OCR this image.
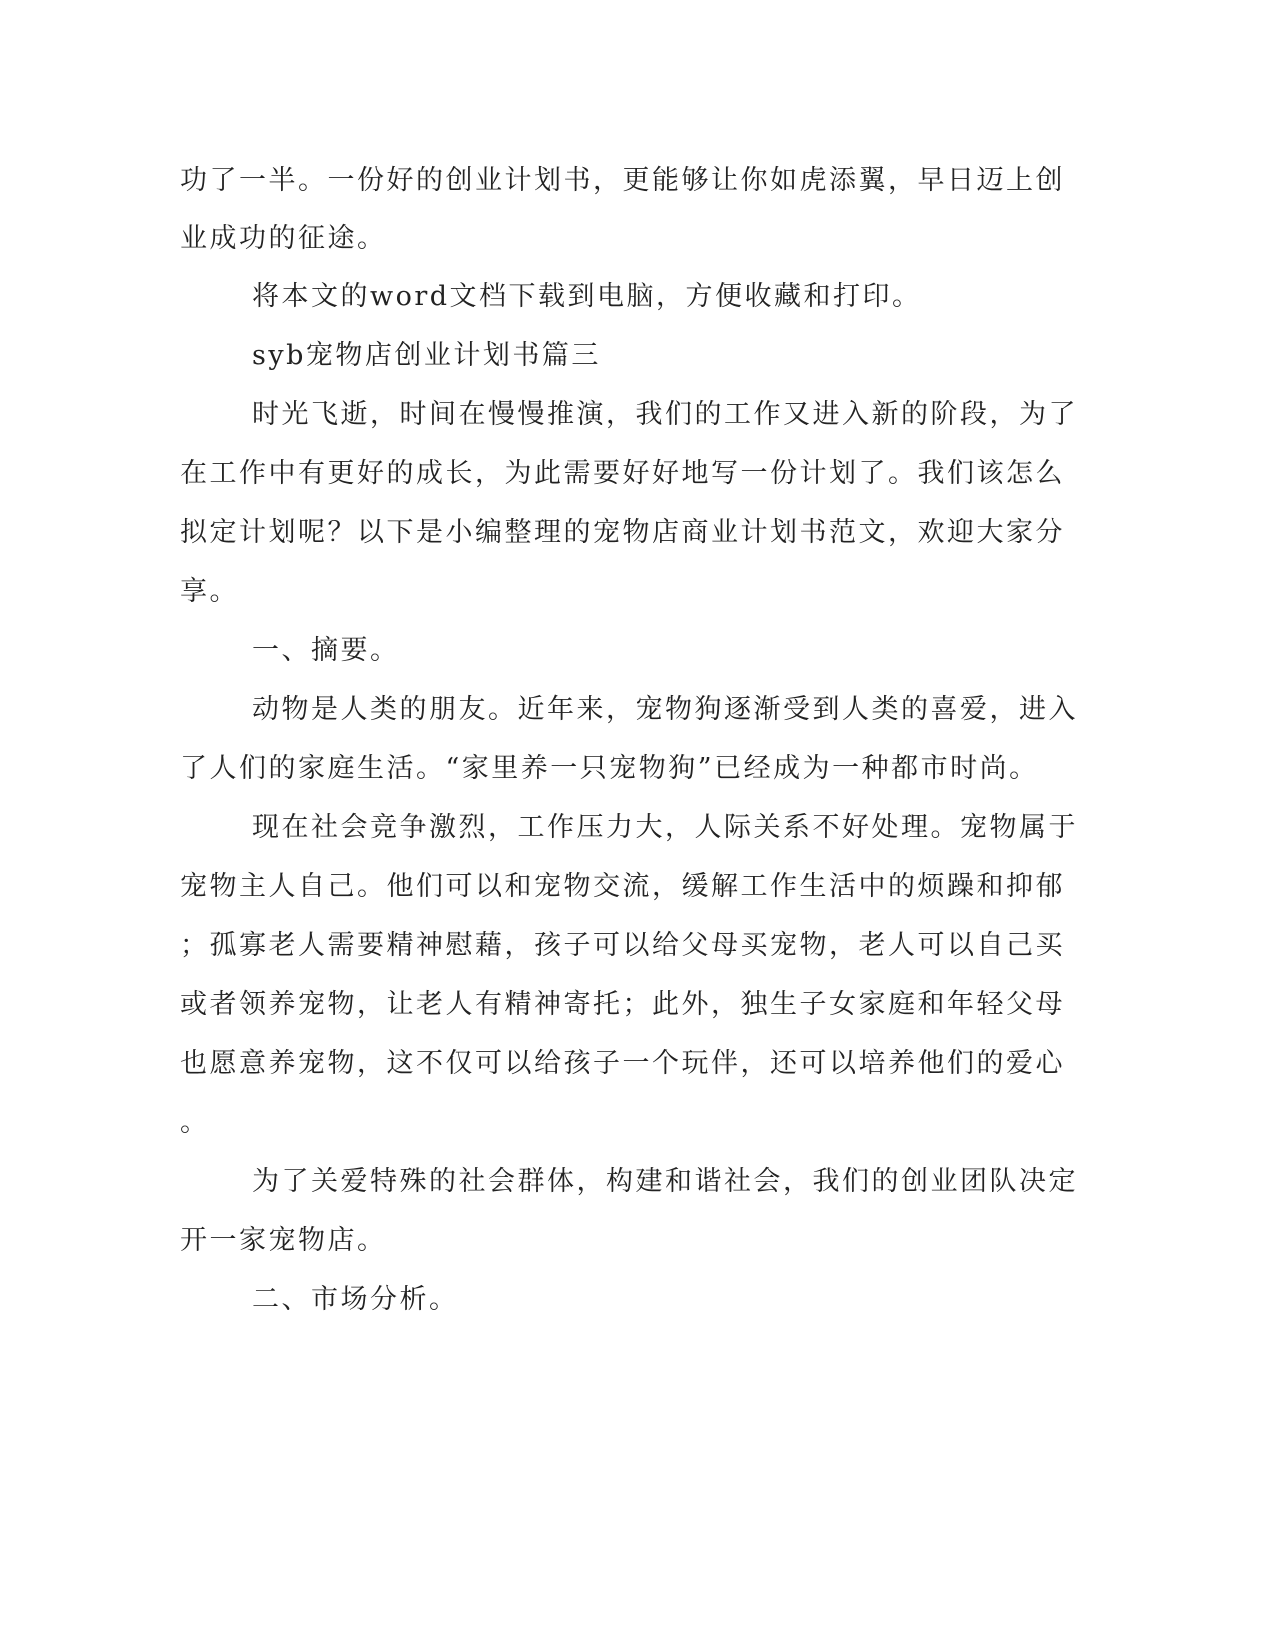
功了一半。一份好的创业计划书，更能够让你如虎添翼，早日迈上创
业成功的征途。
将本文的word文档下载到电脑，方便收藏和打印。
syb宠物店创业计划书篇三
时光飞逝，时间在慢慢推演，我们的工作又进入新的阶段，为了
在工作中有更好的成长，为此需要好好地写一份计划了。我们该怎么
拟定计划呢？以下是小编整理的宠物店商业计划书范文，欢迎大家分
享。
一、摘要。
动物是人类的朋友。近年来，宠物狗逐渐受到人类的喜爱，进入
了人们的家庭生活。“家里养一只宠物狗”已经成为一种都市时尚。
现在社会竞争激烈，工作压力大，人际关系不好处理。宠物属于
宠物主人自己。他们可以和宠物交流，缓解工作生活中的烦躁和抑郁
；孤寡老人需要精神慰藉，孩子可以给父母买宠物，老人可以自己买
或者领养宠物，让老人有精神寄托；此外，独生子女家庭和年轻父母
也愿意养宠物，这不仅可以给孩子一个玩伴，还可以培养他们的爱心
。
为了关爱特殊的社会群体，构建和谐社会，我们的创业团队决定
开一家宠物店。
二、市场分析。
